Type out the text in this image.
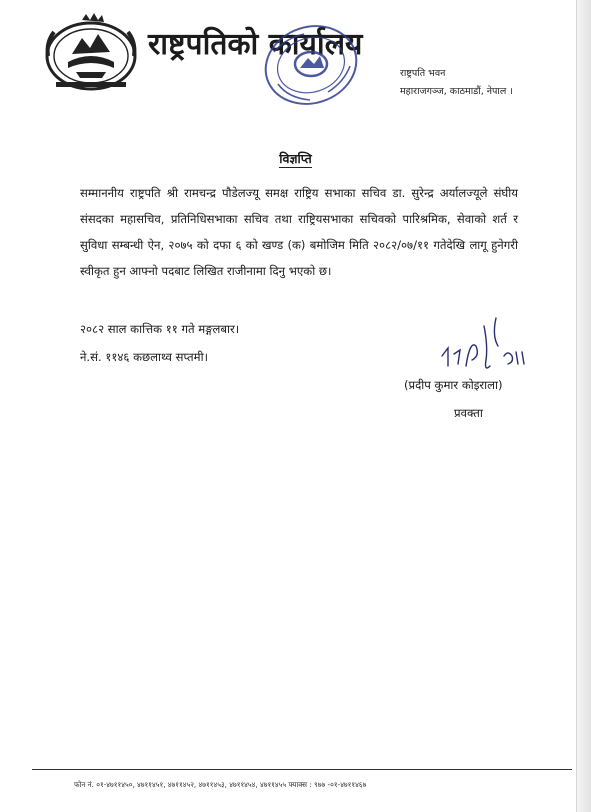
राष्ट्रपतिको कार्यालय
राष्ट्रपति भवन
महाराजगञ्ज, काठमाडौं, नेपाल ।
विज्ञप्ति

सम्माननीय राष्ट्रपति श्री रामचन्द्र पौडेलज्यू समक्ष राष्ट्रिय सभाका सचिव डा. सुरेन्द्र अर्यालज्यूले संघीय संसदका महासचिव, प्रतिनिधिसभाका सचिव तथा राष्ट्रियसभाका सचिवको पारिश्रमिक, सेवाको शर्त र सुविधा सम्बन्धी ऐन, २०७५ को दफा ६ को खण्ड (क) बमोजिम मिति २०८२/०७/११ गतेदेखि लागू हुनेगरी स्वीकृत हुन आफ्नो पदबाट लिखित राजीनामा दिनु भएको छ।

२०८२ साल कात्तिक ११ गते मङ्गलबार।
ने.सं. ११४६ कछलाथ्व सप्तमी।
(प्रदीप कुमार कोइराला)
प्रवक्ता
फोन नं. ०१-४७११४५०, ४७११४५१, ४७११४५२, ४७११४५३, ४७११४५४, ४७११४५५ फ्याक्स : ९७७ -०१-४७११४६७
